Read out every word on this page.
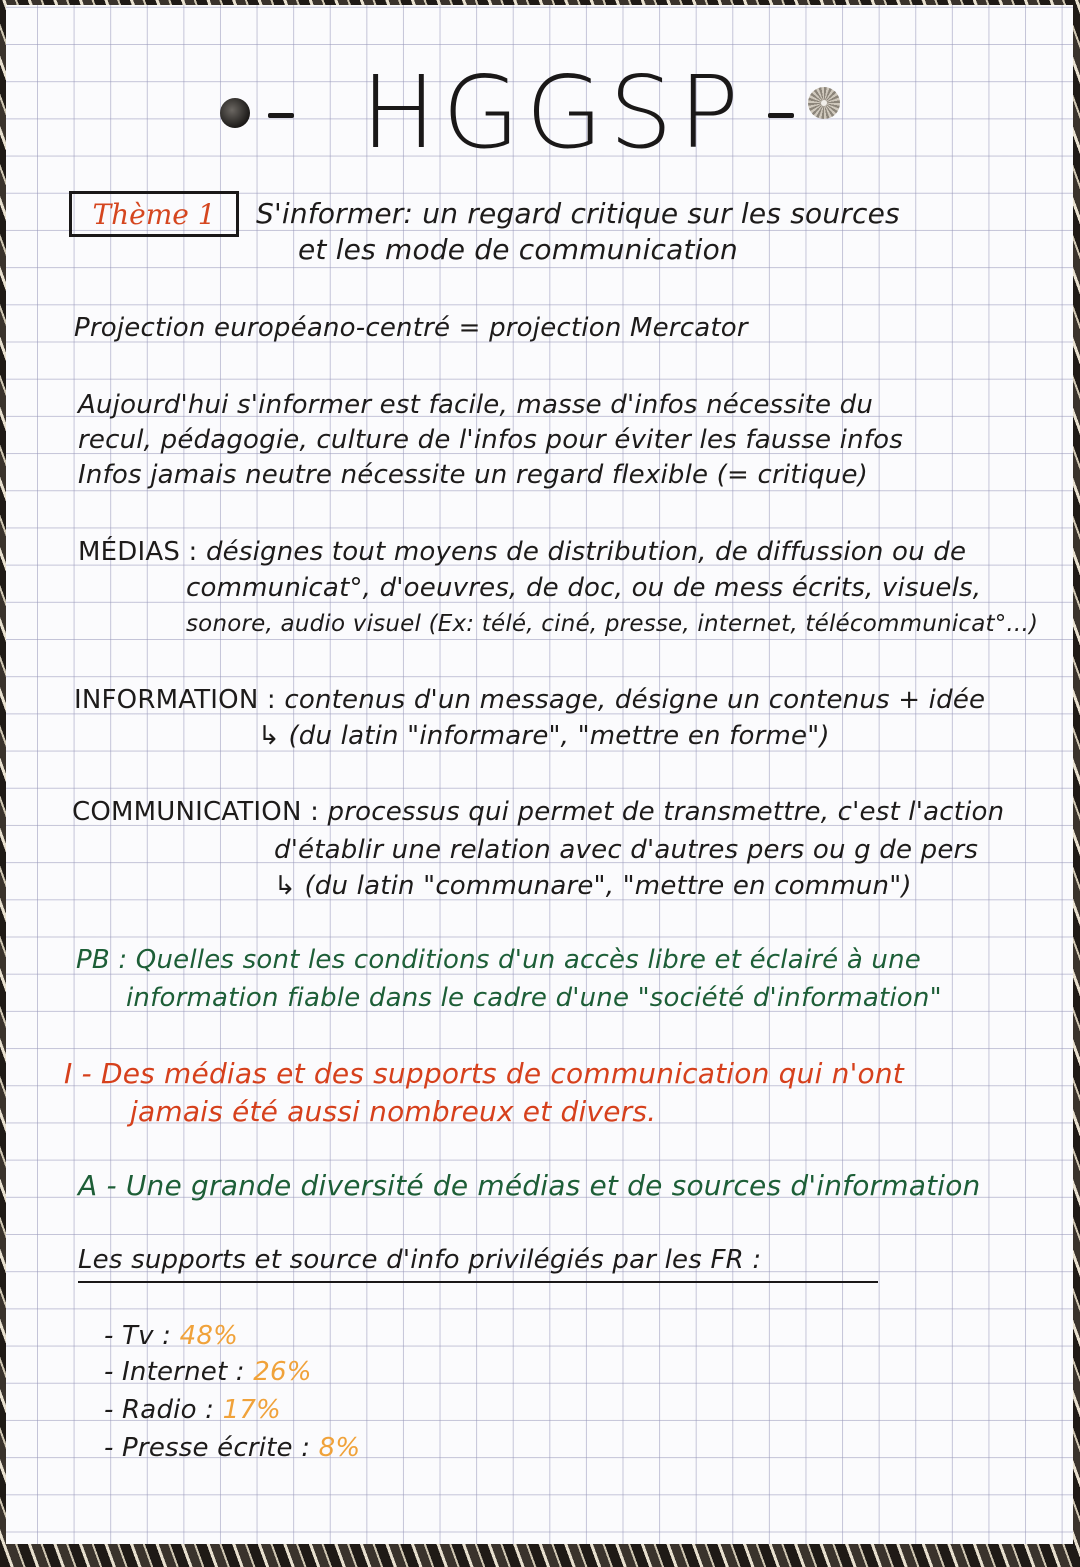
HGGSP
Thème 1 S'informer: un regard critique sur les sources
et les mode de communication
Projection européano-centré = projection Mercator
Aujourd'hui s'informer est facile, masse d'infos nécessite du
recul, pédagogie, culture de l'infos pour éviter les fausse infos
Infos jamais neutre nécessite un regard flexible (= critique)
MÉDIAS : désignes tout moyens de distribution, de diffussion ou de
communicat°, d'oeuvres, de doc, ou de mess écrits, visuels,
sonore, audio visuel (Ex: télé, ciné, presse, internet, télécommunicat°...)
INFORMATION : contenus d'un message, désigne un contenus + idée
↳ (du latin "informare", "mettre en forme")
COMMUNICATION : processus qui permet de transmettre, c'est l'action
d'établir une relation avec d'autres pers ou g de pers
↳ (du latin "communare", "mettre en commun")
PB : Quelles sont les conditions d'un accès libre et éclairé à une
information fiable dans le cadre d'une "société d'information"
I - Des médias et des supports de communication qui n'ont
jamais été aussi nombreux et divers.
A - Une grande diversité de médias et de sources d'information
Les supports et source d'info privilégiés par les FR :
- Tv : 48%
- Internet : 26%
- Radio : 17%
- Presse écrite : 8%
